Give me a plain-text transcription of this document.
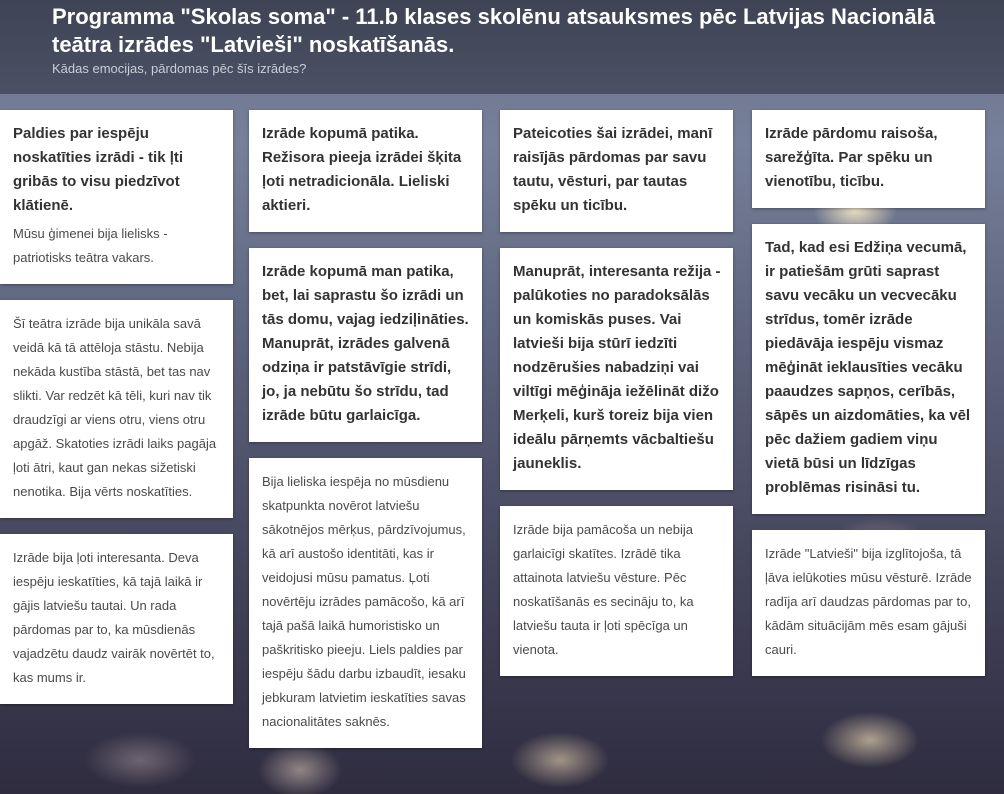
Programma "Skolas soma" - 11.b klases skolēnu atsauksmes pēc Latvijas Nacionālā teātra izrādes "Latvieši" noskatīšanās.

Kādas emocijas, pārdomas pēc šīs izrādes?

Paldies par iespēju noskatīties izrādi - tik ļti gribās to visu piedzīvot klātienē.

Mūsu ģimenei bija lielisks - patriotisks teātra vakars.

Šī teātra izrāde bija unikāla savā veidā kā tā attēloja stāstu. Nebija nekāda kustība stāstā, bet tas nav slikti. Var redzēt kā tēli, kuri nav tik draudzīgi ar viens otru, viens otru apgāž. Skatoties izrādi laiks pagāja ļoti ātri, kaut gan nekas sižetiski nenotika. Bija vērts noskatīties.

Izrāde bija ļoti interesanta. Deva iespēju ieskatīties, kā tajā laikā ir gājis latviešu tautai. Un rada pārdomas par to, ka mūsdienās vajadzētu daudz vairāk novērtēt to, kas mums ir.

Izrāde kopumā patika. Režisora pieeja izrādei šķita ļoti netradicionāla. Lieliski aktieri.

Izrāde kopumā man patika, bet, lai saprastu šo izrādi un tās domu, vajag iedziļināties. Manuprāt, izrādes galvenā odziņa ir patstāvīgie strīdi, jo, ja nebūtu šo strīdu, tad izrāde būtu garlaicīga.

Bija lieliska iespēja no mūsdienu skatpunkta novērot latviešu sākotnējos mērķus, pārdzīvojumus, kā arī austošo identitāti, kas ir veidojusi mūsu pamatus. Ļoti novērtēju izrādes pamācošo, kā arī tajā pašā laikā humoristisko un paškritisko pieeju. Liels paldies par iespēju šādu darbu izbaudīt, iesaku jebkuram latvietim ieskatīties savas nacionalitātes saknēs.

Pateicoties šai izrādei, manī raisījās pārdomas par savu tautu, vēsturi, par tautas spēku un ticību.

Manuprāt, interesanta režija - palūkoties no paradoksālās un komiskās puses. Vai latvieši bija stūrī iedzīti nodzērušies nabadziņi vai viltīgi mēģināja iežēlināt dižo Merķeli, kurš toreiz bija vien ideālu pārņemts vācbaltiešu jauneklis.

Izrāde bija pamācoša un nebija garlaicīgi skatītes. Izrādē tika attainota latviešu vēsture. Pēc noskatīšanās es secināju to, ka latviešu tauta ir ļoti spēcīga un vienota.

Izrāde pārdomu raisoša, sarežģīta. Par spēku un vienotību, ticību.

Tad, kad esi Edžiņa vecumā, ir patiešām grūti saprast savu vecāku un vecvecāku strīdus, tomēr izrāde piedāvāja iespēju vismaz mēģināt ieklausīties vecāku paaudzes sapņos, cerībās, sāpēs un aizdomāties, ka vēl pēc dažiem gadiem viņu vietā būsi un līdzīgas problēmas risināsi tu.

Izrāde "Latvieši" bija izglītojoša, tā ļāva ielūkoties mūsu vēsturē. Izrāde radīja arī daudzas pārdomas par to, kādām situācijām mēs esam gājuši cauri.
